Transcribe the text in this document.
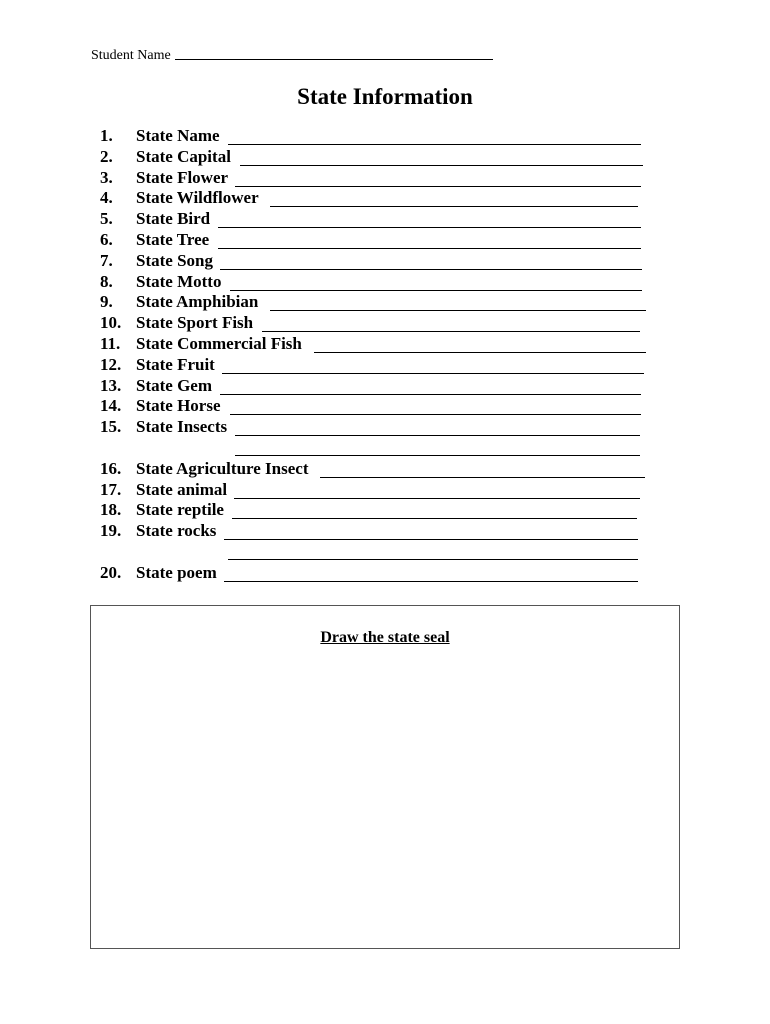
Student Name
State Information
1. State Name
2. State Capital
3. State Flower
4. State Wildflower
5. State Bird
6. State Tree
7. State Song
8. State Motto
9. State Amphibian
10. State Sport Fish
11. State Commercial Fish
12. State Fruit
13. State Gem
14. State Horse
15. State Insects
16. State Agriculture Insect
17. State animal
18. State reptile
19. State rocks
20. State poem
Draw the state seal
